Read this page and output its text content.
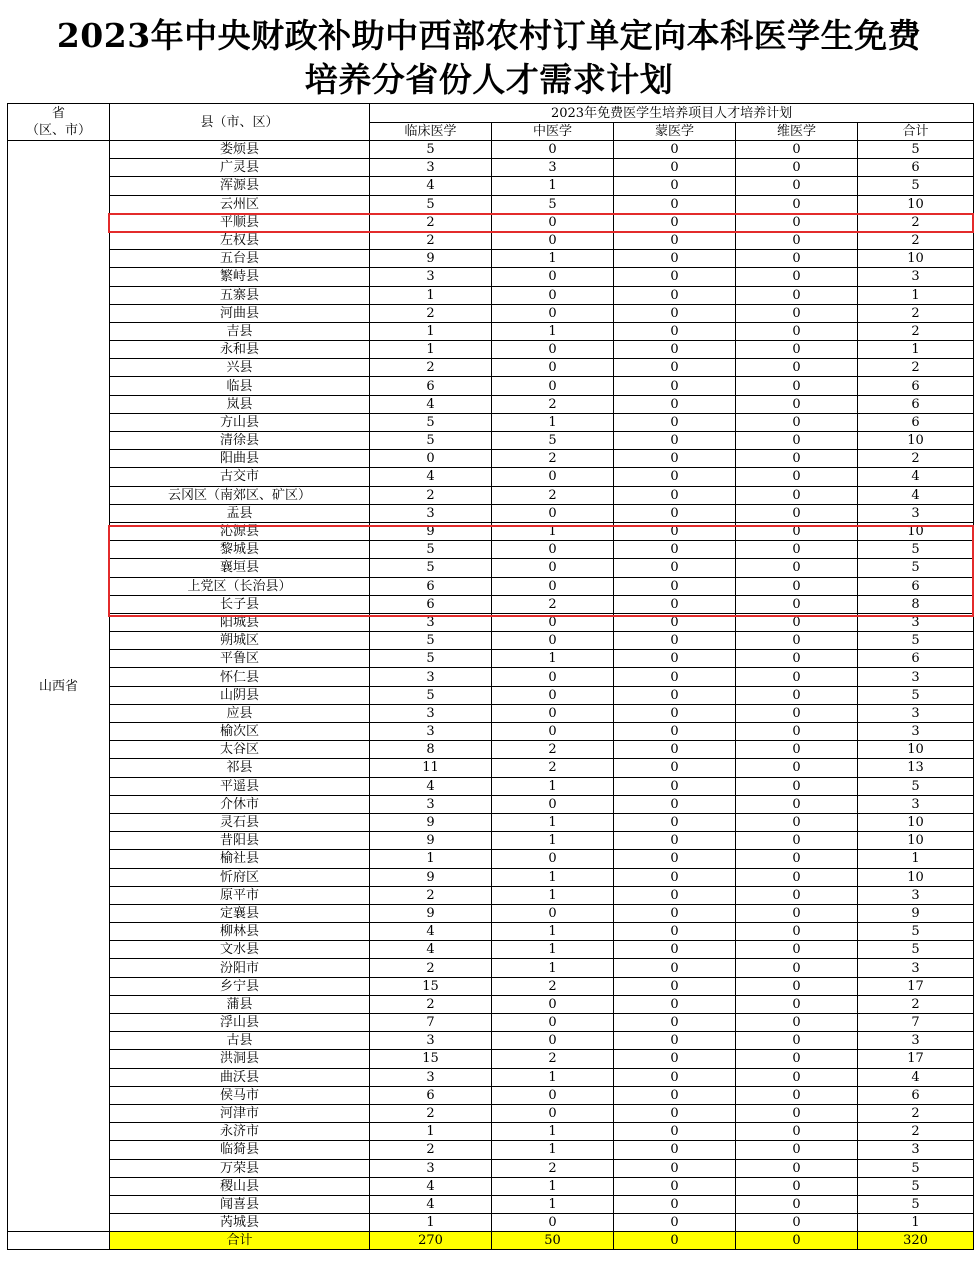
2023年中央财政补助中西部农村订单定向本科医学生免费
培养分省份人才需求计划
省
（区、市）	县（市、区）	2023年免费医学生培养项目人才培养计划				
		临床医学	中医学	蒙医学	维医学	合计
山西省	娄烦县	5	0	0	0	5
	广灵县	3	3	0	0	6
	浑源县	4	1	0	0	5
	云州区	5	5	0	0	10
	平顺县	2	0	0	0	2
	左权县	2	0	0	0	2
	五台县	9	1	0	0	10
	繁峙县	3	0	0	0	3
	五寨县	1	0	0	0	1
	河曲县	2	0	0	0	2
	吉县	1	1	0	0	2
	永和县	1	0	0	0	1
	兴县	2	0	0	0	2
	临县	6	0	0	0	6
	岚县	4	2	0	0	6
	方山县	5	1	0	0	6
	清徐县	5	5	0	0	10
	阳曲县	0	2	0	0	2
	古交市	4	0	0	0	4
	云冈区（南郊区、矿区）	2	2	0	0	4
	盂县	3	0	0	0	3
	沁源县	9	1	0	0	10
	黎城县	5	0	0	0	5
	襄垣县	5	0	0	0	5
	上党区（长治县）	6	0	0	0	6
	长子县	6	2	0	0	8
	阳城县	3	0	0	0	3
	朔城区	5	0	0	0	5
	平鲁区	5	1	0	0	6
	怀仁县	3	0	0	0	3
	山阴县	5	0	0	0	5
	应县	3	0	0	0	3
	榆次区	3	0	0	0	3
	太谷区	8	2	0	0	10
	祁县	11	2	0	0	13
	平遥县	4	1	0	0	5
	介休市	3	0	0	0	3
	灵石县	9	1	0	0	10
	昔阳县	9	1	0	0	10
	榆社县	1	0	0	0	1
	忻府区	9	1	0	0	10
	原平市	2	1	0	0	3
	定襄县	9	0	0	0	9
	柳林县	4	1	0	0	5
	文水县	4	1	0	0	5
	汾阳市	2	1	0	0	3
	乡宁县	15	2	0	0	17
	蒲县	2	0	0	0	2
	浮山县	7	0	0	0	7
	古县	3	0	0	0	3
	洪洞县	15	2	0	0	17
	曲沃县	3	1	0	0	4
	侯马市	6	0	0	0	6
	河津市	2	0	0	0	2
	永济市	1	1	0	0	2
	临猗县	2	1	0	0	3
	万荣县	3	2	0	0	5
	稷山县	4	1	0	0	5
	闻喜县	4	1	0	0	5
	芮城县	1	0	0	0	1
	合计	270	50	0	0	320
